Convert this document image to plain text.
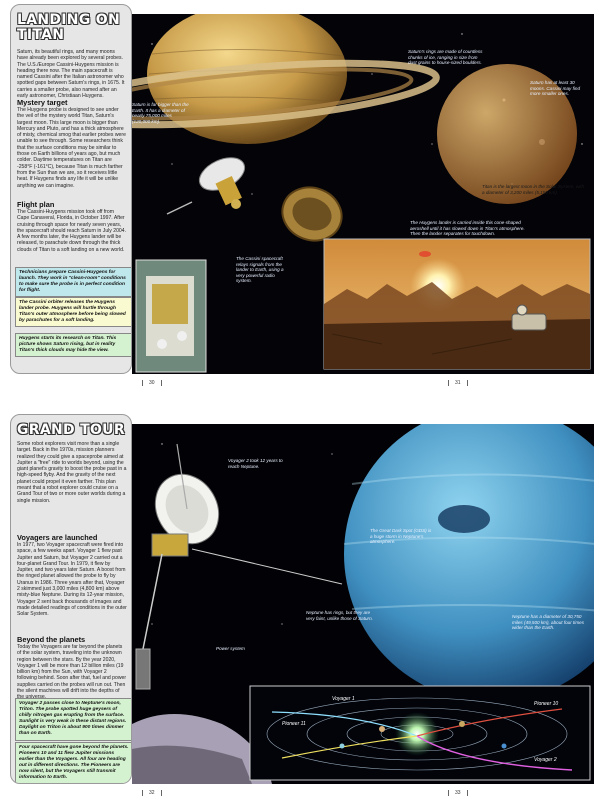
LANDING ON TITAN
Saturn, its beautiful rings, and many moons have already been explored by several probes. The U.S./Europe Cassini-Huygens mission is heading there now. The main spacecraft is named Cassini after the Italian astronomer who spotted gaps between Saturn's rings, in 1675. It carries a smaller probe, also named after an early astronomer, Christiaan Huygens.
Mystery target
The Huygens probe is designed to see under the veil of the mystery world Titan, Saturn's largest moon. This large moon is bigger than Mercury and Pluto, and has a thick atmosphere of misty, chemical smog that earlier probes were unable to see through. Some researchers think that the surface conditions may be similar to those on Earth billions of years ago, but much colder. Daytime temperatures on Titan are -258°F (-161°C), because Titan is much farther from the Sun than we are, so it receives little heat. If Huygens finds any life it will be unlike anything we can imagine.
Flight plan
The Cassini-Huygens mission took off from Cape Canaveral, Florida, in October 1997. After cruising through space for nearly seven years, the spacecraft should reach Saturn in July 2004. A few months later, the Huygens lander will be released, to parachute down through the thick clouds of Titan to a soft landing on a new world.
Technicians prepare Cassini-Huygens for launch. They work in "clean-room" conditions to make sure the probe is in perfect condition for flight.
The Cassini orbiter releases the Huygens lander probe. Huygens will hurtle through Titan's outer atmosphere before being slowed by parachutes for a soft landing.
Huygens starts its research on Titan. This picture shows Saturn rising, but in reality Titan's thick clouds may hide the view.
Saturn is far bigger than the Earth. It has a diameter of nearly 75,000 miles (120,000 km).
Saturn's rings are made of countless chunks of ice, ranging in size from dust grains to house-sized boulders.
Saturn has at least 30 moons. Cassini may find more smaller ones.
Titan is the largest moon in the Solar System, with a diameter of 3,200 miles (5,150 km).
The Huygens lander is carried inside this cone-shaped aeroshell until it has slowed down in Titan's atmosphere. Then the lander separates for touchdown.
The Cassini spacecraft relays signals from the lander to Earth, using a very powerful radio system.
30	31
GRAND TOUR
Some robot explorers visit more than a single target. Back in the 1970s, mission planners realized they could give a spaceprobe aimed at Jupiter a "free" ride to worlds beyond, using the giant planet's gravity to boost the probe past in a high-speed flyby. And the gravity of the next planet could propel it even farther. This plan meant that a robot explorer could cruise on a Grand Tour of two or more outer worlds during a single mission.
Voyagers are launched
In 1977, two Voyager spacecraft were fired into space, a few weeks apart. Voyager 1 flew past Jupiter and Saturn, but Voyager 2 carried out a four-planet Grand Tour. In 1979, it flew by Jupiter, and two years later Saturn. A boost from the ringed planet allowed the probe to fly by Uranus in 1986. Three years after that, Voyager 2 skimmed just 3,000 miles (4,800 km) above misty-blue Neptune. During its 12-year mission, Voyager 2 sent back thousands of images and made detailed readings of conditions in the outer Solar System.
Beyond the planets
Today the Voyagers are far beyond the planets of the solar system, traveling into the unknown region between the stars. By the year 2020, Voyager 1 will be more than 12 billion miles (19 billion km) from the Sun, with Voyager 2 following behind. Soon after that, fuel and power supplies carried on the probes will run out. Then the silent machines will drift into the depths of
Voyager 2 passes close to Neptune's moon, Triton. The probe spotted huge geysers of chilly nitrogen gas erupting from the surface. Sunlight is very weak in these distant regions. Daylight on Triton is about 900 times dimmer than on Earth.
Four spacecraft have gone beyond the planets. Pioneers 10 and 11 flew Jupiter missions earlier than the Voyagers. All four are heading out in different directions. The Pioneers are now silent, but the Voyagers still transmit information to Earth.
Voyager 2 took 12 years to reach Neptune.
The Great Dark Spot (GDS) is a huge storm in Neptune's atmosphere.
Neptune has rings, but they are very faint, unlike those of Saturn.	Neptune has a diameter of 30,750 miles (49,500 km), about four times wider than the Earth.
Power system
Voyager 1
Pioneer 10
Pioneer 11
Voyager 2
32	33
